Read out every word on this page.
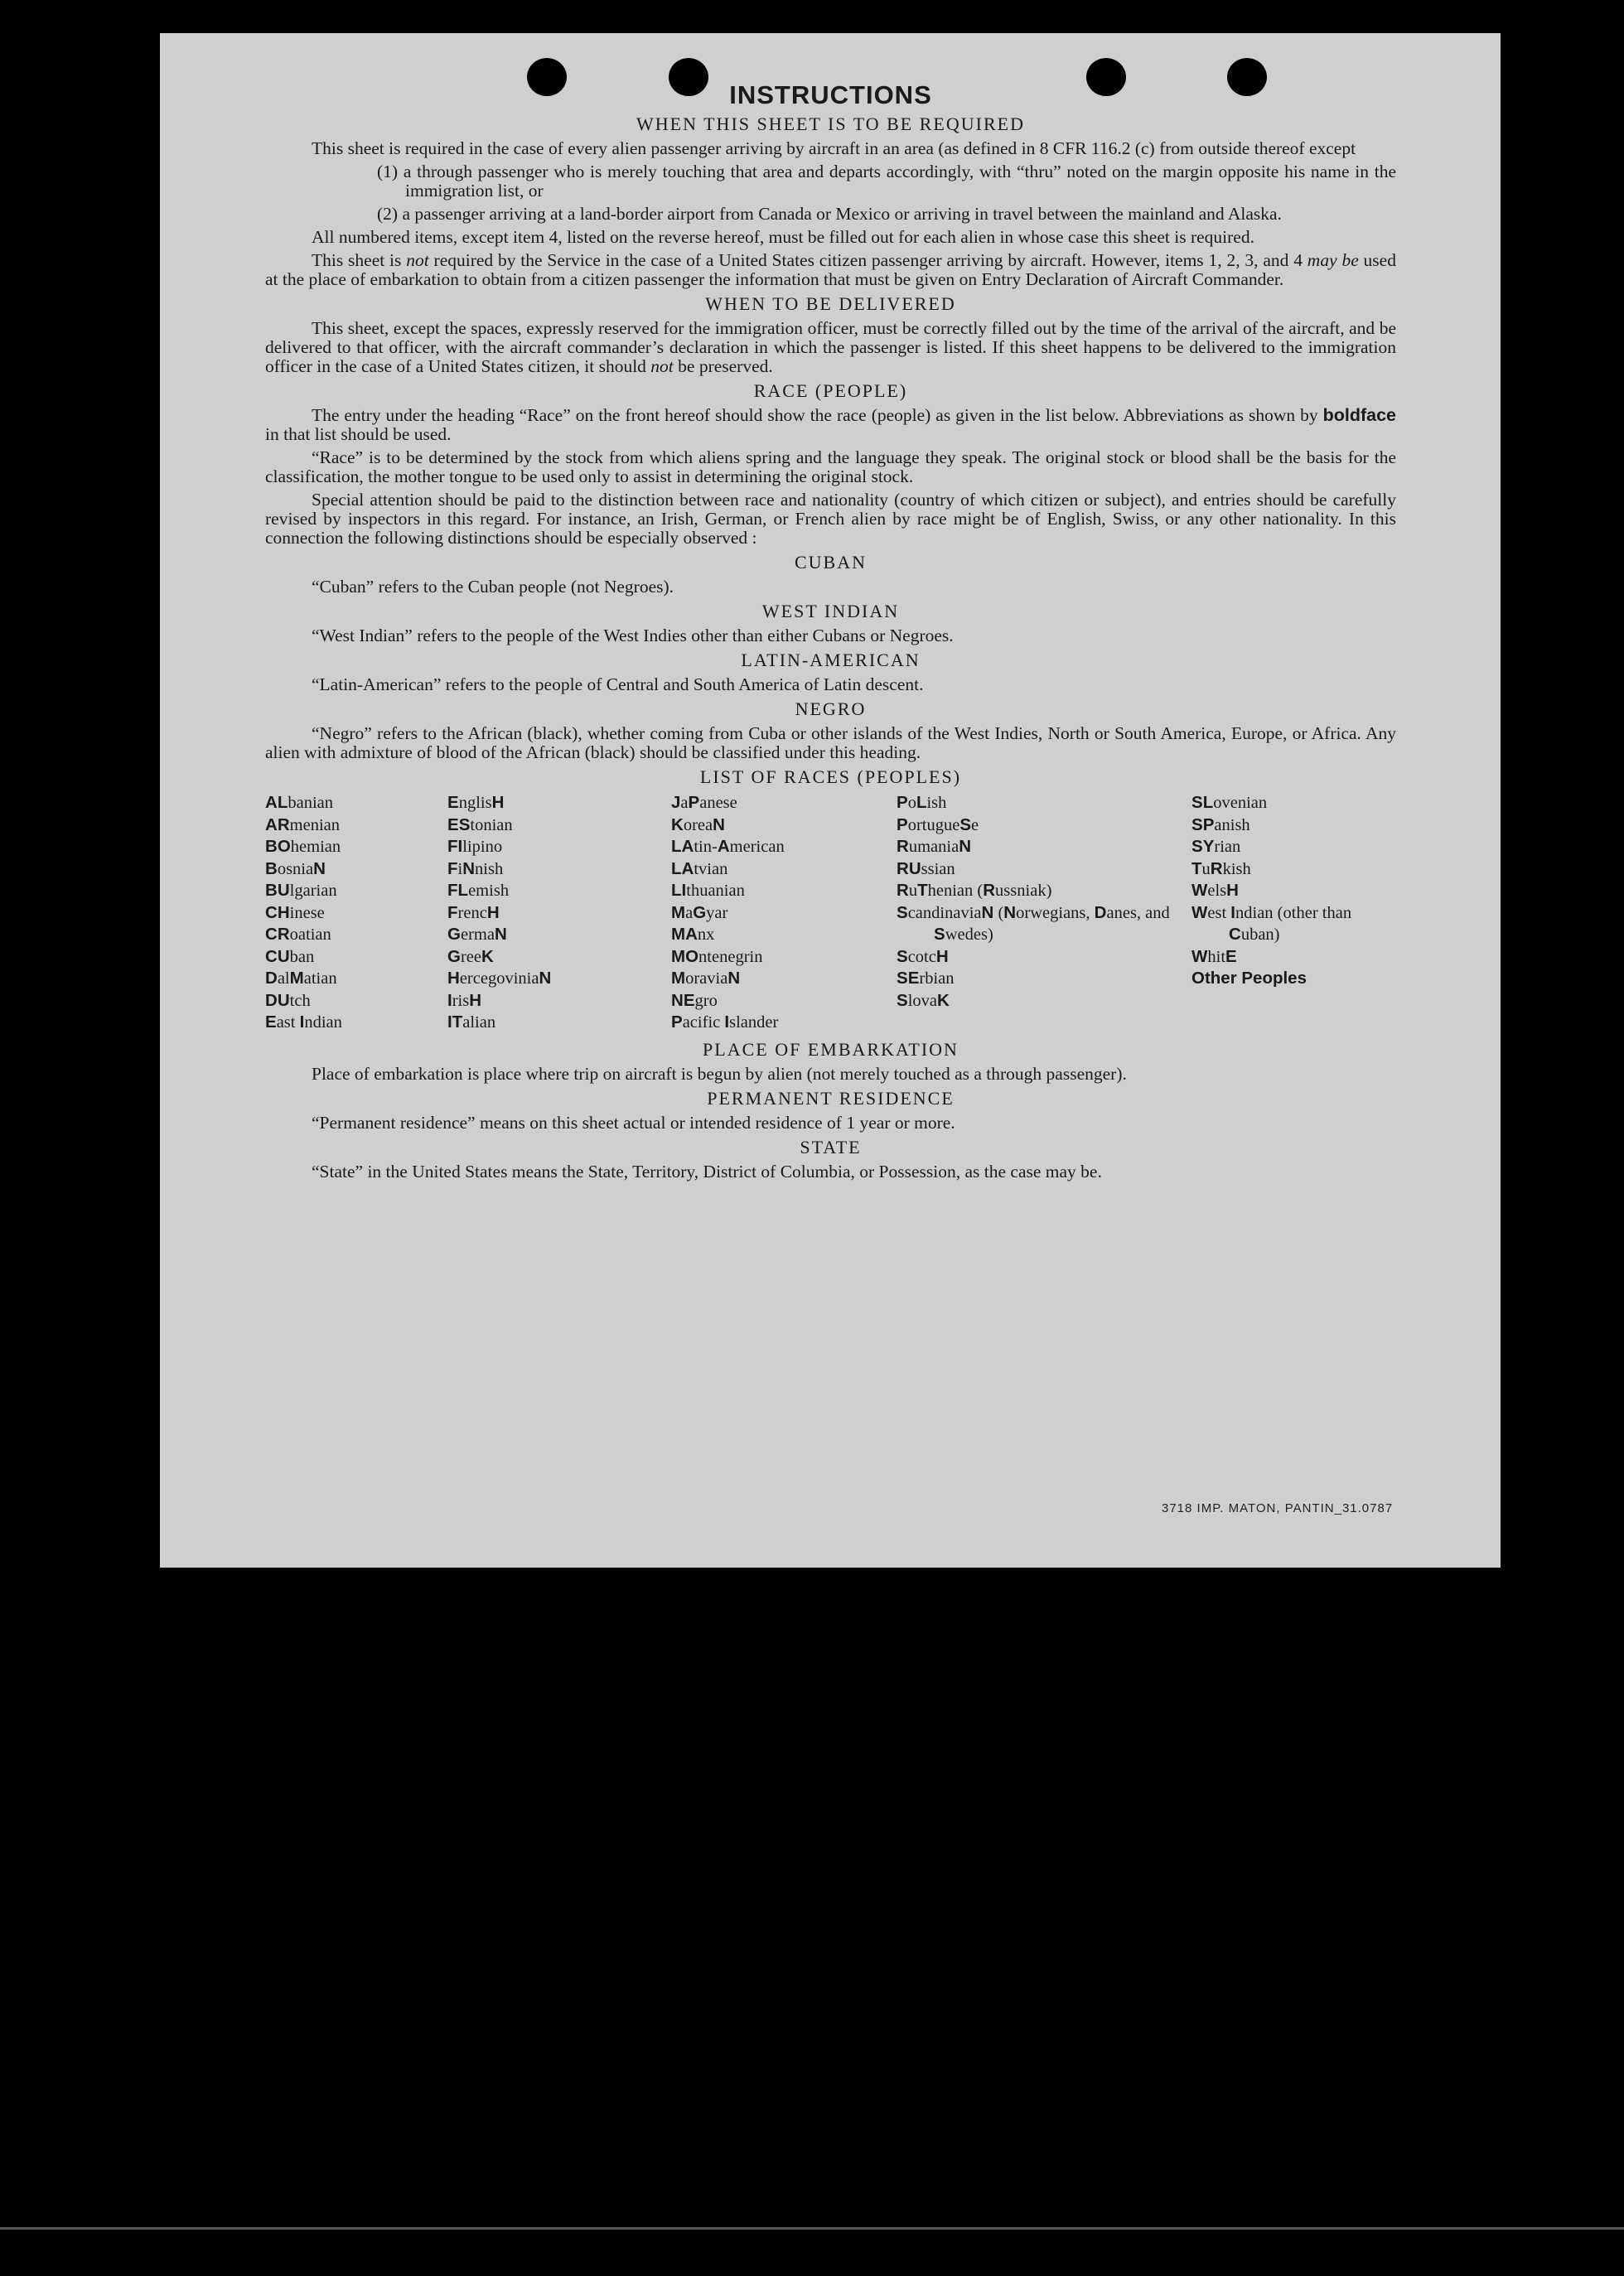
INSTRUCTIONS
WHEN THIS SHEET IS TO BE REQUIRED

This sheet is required in the case of every alien passenger arriving by aircraft in an area (as defined in 8 CFR 116.2 (c) from outside thereof except

(1) a through passenger who is merely touching that area and departs accordingly, with “thru” noted on the margin opposite his name in the immigration list, or
(2) a passenger arriving at a land-border airport from Canada or Mexico or arriving in travel between the mainland and Alaska.

All numbered items, except item 4, listed on the reverse hereof, must be filled out for each alien in whose case this sheet is required.

This sheet is not required by the Service in the case of a United States citizen passenger arriving by aircraft. However, items 1, 2, 3, and 4 may be used at the place of embarkation to obtain from a citizen passenger the information that must be given on Entry Declaration of Aircraft Commander.

WHEN TO BE DELIVERED

This sheet, except the spaces, expressly reserved for the immigration officer, must be correctly filled out by the time of the arrival of the aircraft, and be delivered to that officer, with the aircraft commander’s declaration in which the passenger is listed. If this sheet happens to be delivered to the immigration officer in the case of a United States citizen, it should not be preserved.

RACE (PEOPLE)

The entry under the heading “Race” on the front hereof should show the race (people) as given in the list below. Abbreviations as shown by boldface in that list should be used.

“Race” is to be determined by the stock from which aliens spring and the language they speak. The original stock or blood shall be the basis for the classification, the mother tongue to be used only to assist in determining the original stock.

Special attention should be paid to the distinction between race and nationality (country of which citizen or subject), and entries should be carefully revised by inspectors in this regard. For instance, an Irish, German, or French alien by race might be of English, Swiss, or any other nationality. In this connection the following distinctions should be especially observed :

CUBAN

“Cuban” refers to the Cuban people (not Negroes).

WEST INDIAN

“West Indian” refers to the people of the West Indies other than either Cubans or Negroes.

LATIN-AMERICAN

“Latin-American” refers to the people of Central and South America of Latin descent.

NEGRO

“Negro” refers to the African (black), whether coming from Cuba or other islands of the West Indies, North or South America, Europe, or Africa. Any alien with admixture of blood of the African (black) should be classified under this heading.

LIST OF RACES (PEOPLES)
ALbanian
ARmenian
BOhemian
BosniaN
BUlgarian
CHinese
CRoatian
CUban
DalMatian
DUtch
East Indian
EnglisH
EStonian
FIlipino
FiNnish
FLemish
FrencH
GermaN
GreeK
HercegoviniaN
IrisH
ITalian
JaPanese
KoreaN
LAtin-American
LAtvian
LIthuanian
MaGyar
MAnx
MOntenegrin
MoraviaN
NEgro
Pacific Islander
PoLish
PortugueSe
RumaniaN
RUssian
RuThenian (Russniak)
ScandinaviaN (Norwegians, Danes, and Swedes)
ScotcH
SErbian
SlovaK
SLovenian
SPanish
SYrian
TuRkish
WelsH
West Indian (other than Cuban)
WhitE
Other Peoples
PLACE OF EMBARKATION

Place of embarkation is place where trip on aircraft is begun by alien (not merely touched as a through passenger).

PERMANENT RESIDENCE

“Permanent residence” means on this sheet actual or intended residence of 1 year or more.

STATE

“State” in the United States means the State, Territory, District of Columbia, or Possession, as the case may be.

3718 IMP. MATON, PANTIN_31.0787
